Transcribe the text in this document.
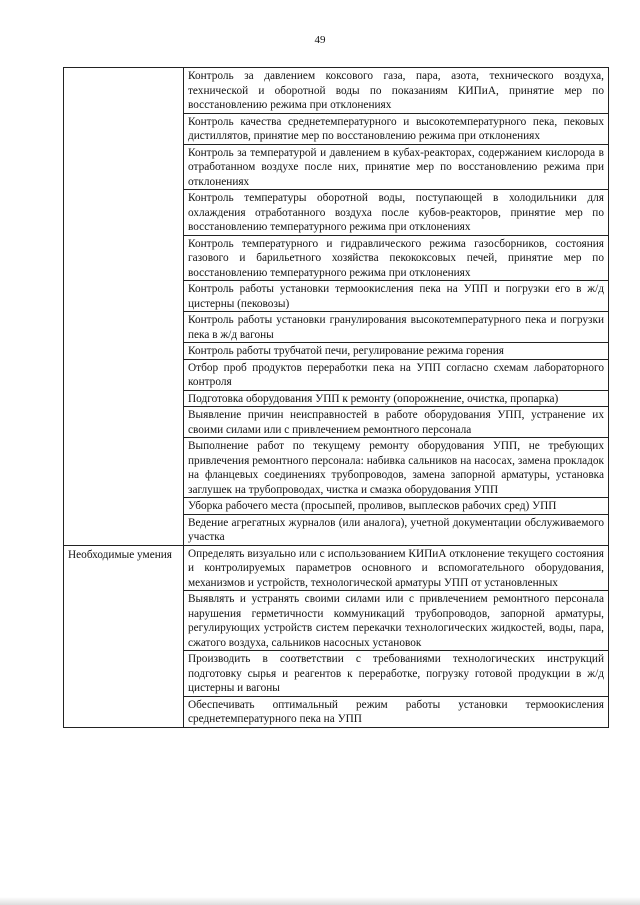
49
	Контроль за давлением коксового газа, пара, азота, технического воздуха, технической и оборотной воды по показаниям КИПиА, принятие мер по восстановлению режима при отклонениях
	Контроль качества среднетемпературного и высокотемпературного пека, пековых дистиллятов, принятие мер по восстановлению режима при отклонениях
	Контроль за температурой и давлением в кубах-реакторах, содержанием кислорода в отработанном воздухе после них, принятие мер по восстановлению режима при отклонениях
	Контроль температуры оборотной воды, поступающей в холодильники для охлаждения отработанного воздуха после кубов-реакторов, принятие мер по восстановлению температурного режима при отклонениях
	Контроль температурного и гидравлического режима газосборников, состояния газового и барильетного хозяйства пекококсовых печей, принятие мер по восстановлению температурного режима при отклонениях
	Контроль работы установки термоокисления пека на УПП и погрузки его в ж/д цистерны (пековозы)
	Контроль работы установки гранулирования высокотемпературного пека и погрузки пека в ж/д вагоны
	Контроль работы трубчатой печи, регулирование режима горения
	Отбор проб продуктов переработки пека на УПП согласно схемам лабораторного контроля
	Подготовка оборудования УПП к ремонту (опорожнение, очистка, пропарка)
	Выявление причин неисправностей в работе оборудования УПП, устранение их своими силами или с привлечением ремонтного персонала
	Выполнение работ по текущему ремонту оборудования УПП, не требующих привлечения ремонтного персонала: набивка сальников на насосах, замена прокладок на фланцевых соединениях трубопроводов, замена запорной арматуры, установка заглушек на трубопроводах, чистка и смазка оборудования УПП
	Уборка рабочего места (просыпей, проливов, выплесков рабочих сред) УПП
	Ведение агрегатных журналов (или аналога), учетной документации обслуживаемого участка
Необходимые умения	Определять визуально или с использованием КИПиА отклонение текущего состояния и контролируемых параметров основного и вспомогательного оборудования, механизмов и устройств, технологической арматуры УПП от установленных
	Выявлять и устранять своими силами или с привлечением ремонтного персонала нарушения герметичности коммуникаций трубопроводов, запорной арматуры, регулирующих устройств систем перекачки технологических жидкостей, воды, пара, сжатого воздуха, сальников насосных установок
	Производить в соответствии с требованиями технологических инструкций подготовку сырья и реагентов к переработке, погрузку готовой продукции в ж/д цистерны и вагоны
	Обеспечивать оптимальный режим работы установки термоокисления среднетемпературного пека на УПП
